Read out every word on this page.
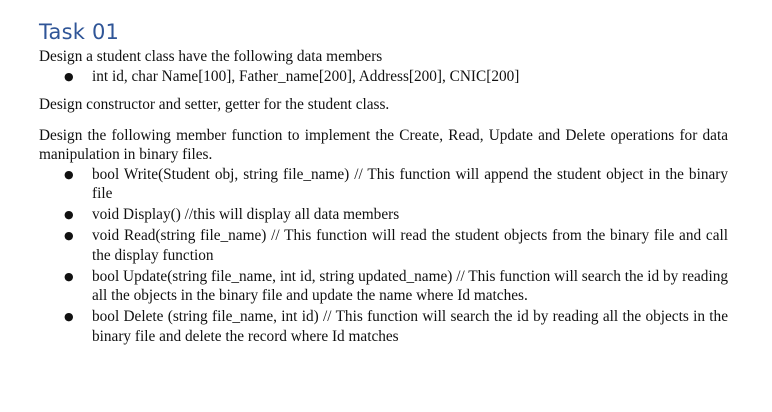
Task 01

Design a student class have the following data members

● int id, char Name[100], Father_name[200], Address[200], CNIC[200]

Design constructor and setter, getter for the student class.

Design the following member function to implement the Create, Read, Update and Delete operations for data manipulation in binary files.

● bool Write(Student obj, string file_name) // This function will append the student object in the binary file
● void Display() //this will display all data members
● void Read(string file_name) // This function will read the student objects from the binary file and call the display function
● bool Update(string file_name, int id, string updated_name) // This function will search the id by reading all the objects in the binary file and update the name where Id matches.
● bool Delete (string file_name, int id) // This function will search the id by reading all the objects in the binary file and delete the record where Id matches
